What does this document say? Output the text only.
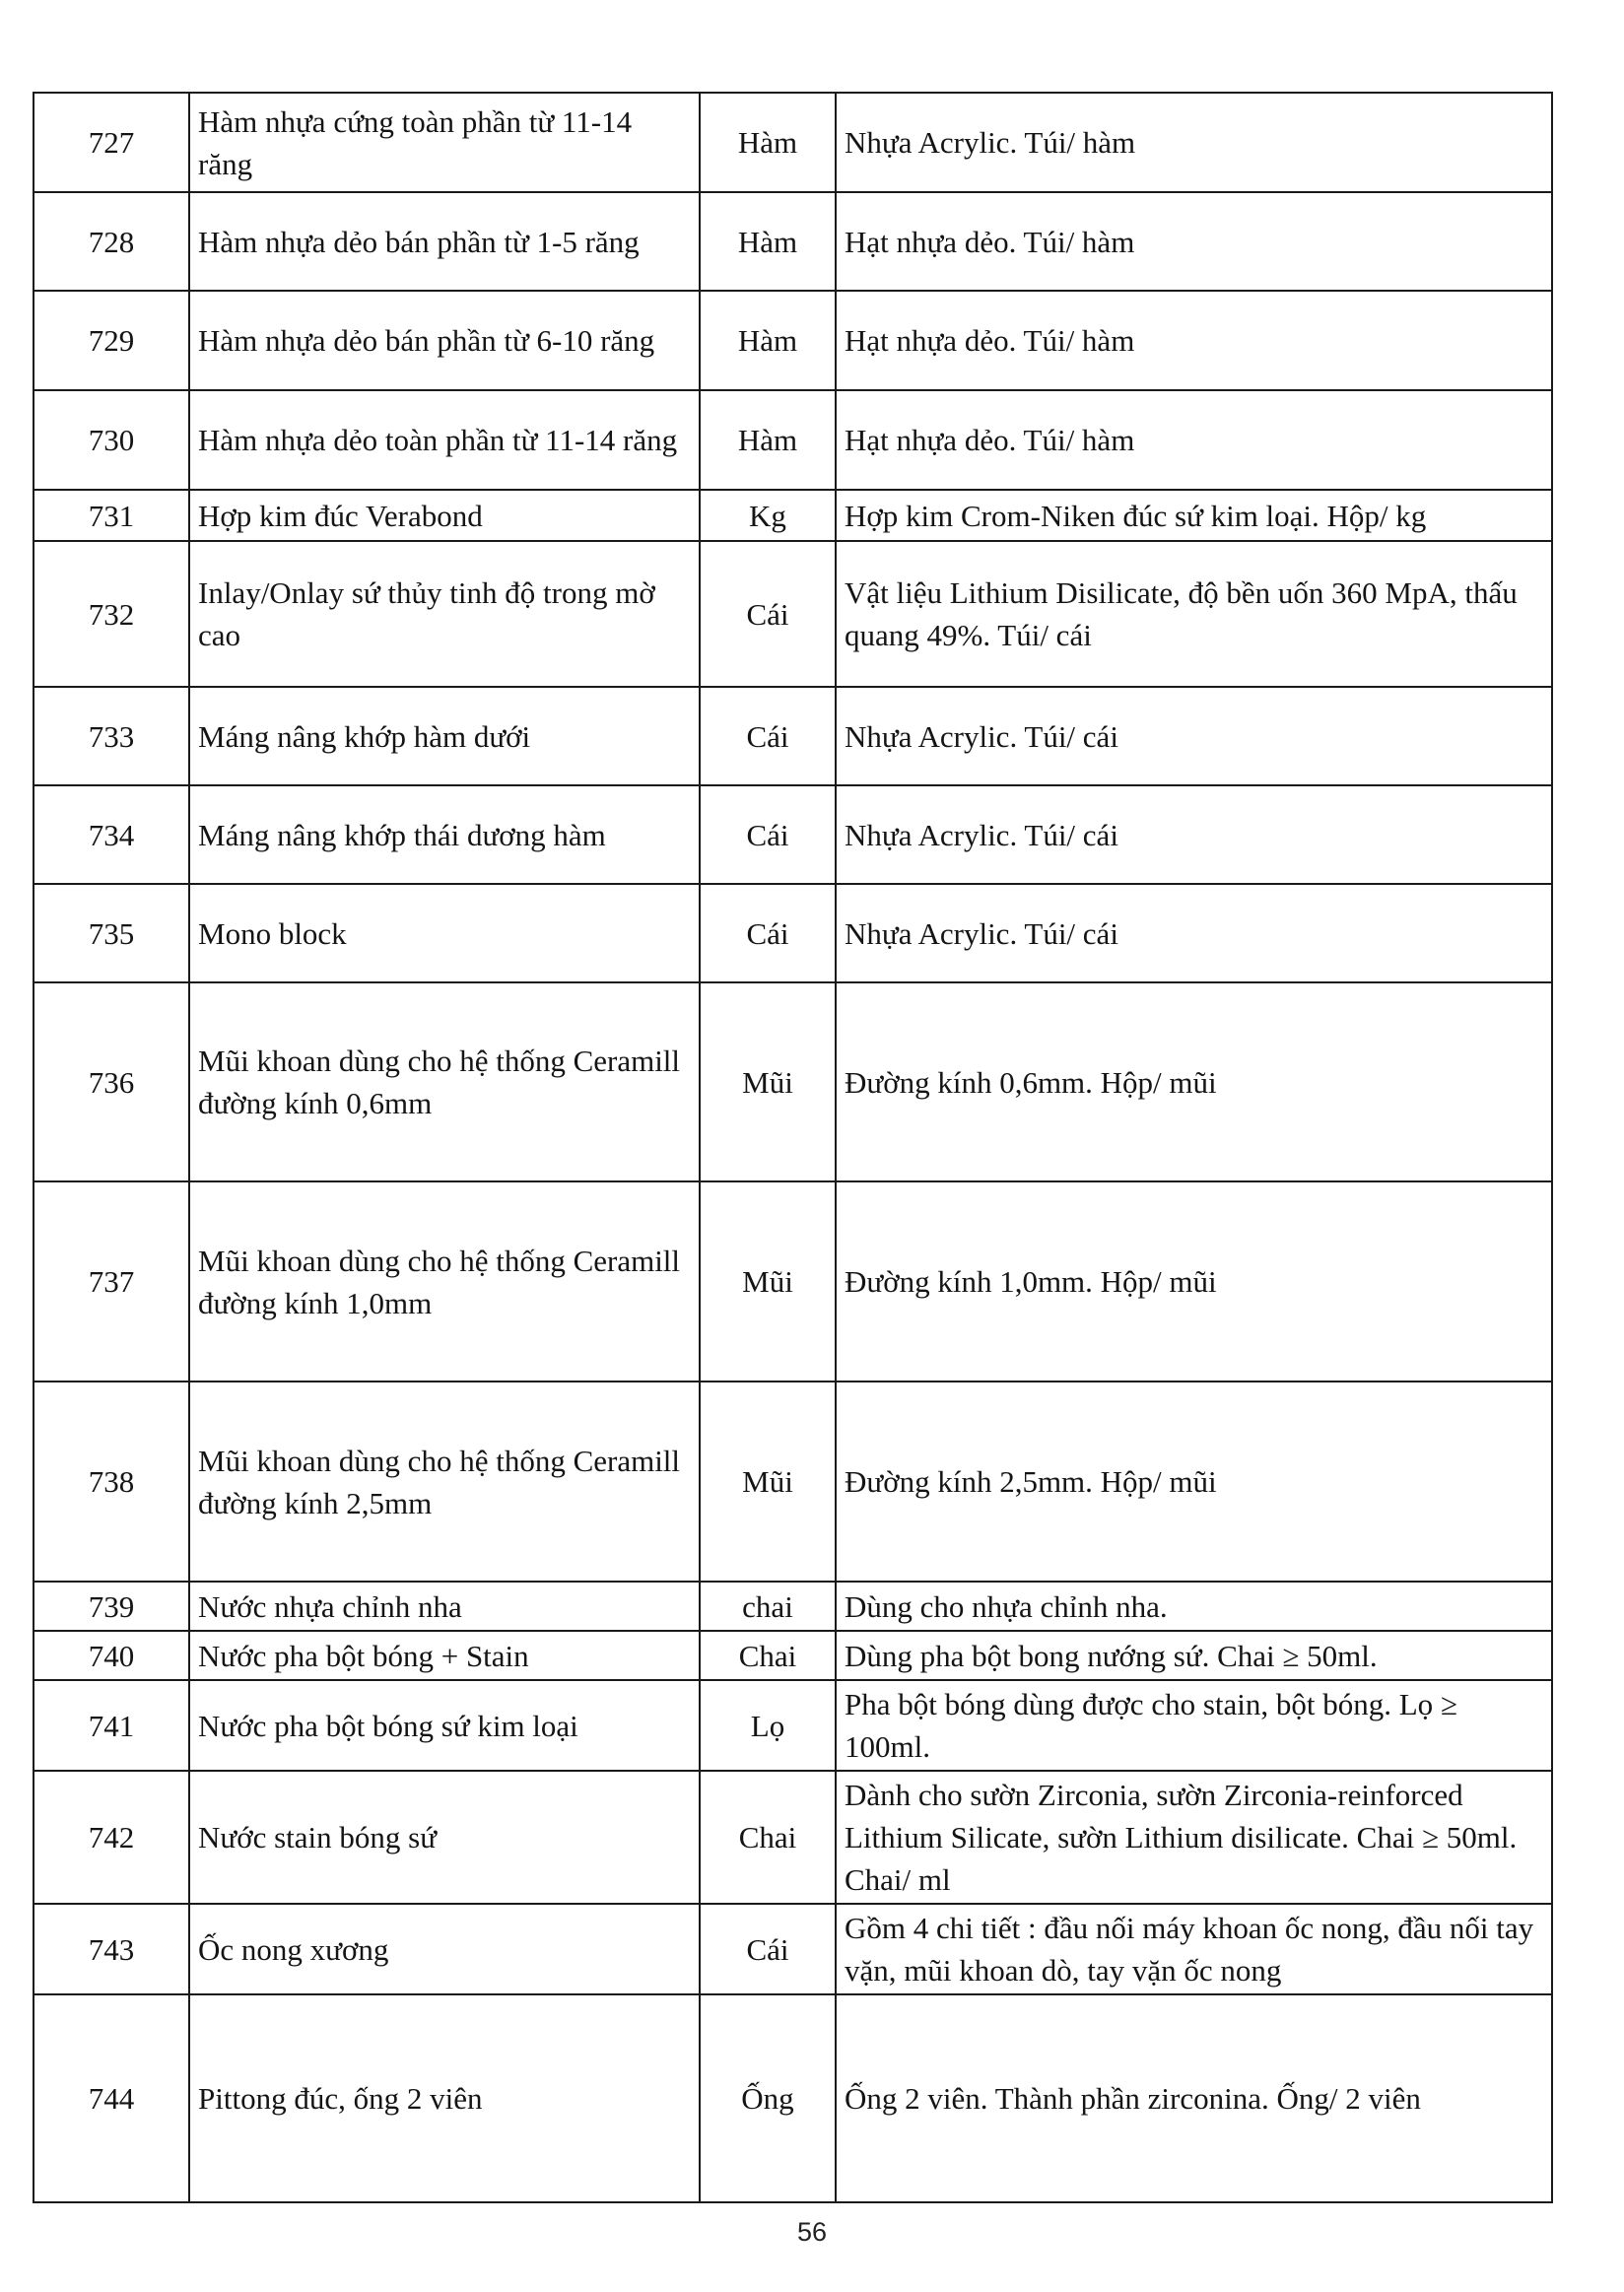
727	Hàm nhựa cứng toàn phần từ 11-14 răng	Hàm	Nhựa Acrylic. Túi/ hàm
728	Hàm nhựa dẻo bán phần từ 1-5 răng	Hàm	Hạt nhựa dẻo. Túi/ hàm
729	Hàm nhựa dẻo bán phần từ 6-10 răng	Hàm	Hạt nhựa dẻo. Túi/ hàm
730	Hàm nhựa dẻo toàn phần từ 11-14 răng	Hàm	Hạt nhựa dẻo. Túi/ hàm
731	Hợp kim đúc Verabond	Kg	Hợp kim Crom-Niken đúc sứ kim loại. Hộp/ kg
732	Inlay/Onlay sứ thủy tinh độ trong mờ cao	Cái	Vật liệu Lithium Disilicate, độ bền uốn 360 MpA, thấu quang 49%. Túi/ cái
733	Máng nâng khớp hàm dưới	Cái	Nhựa Acrylic. Túi/ cái
734	Máng nâng khớp thái dương hàm	Cái	Nhựa Acrylic. Túi/ cái
735	Mono block	Cái	Nhựa Acrylic. Túi/ cái
736	Mũi khoan dùng cho hệ thống Ceramill đường kính 0,6mm	Mũi	Đường kính 0,6mm. Hộp/ mũi
737	Mũi khoan dùng cho hệ thống Ceramill đường kính 1,0mm	Mũi	Đường kính 1,0mm. Hộp/ mũi
738	Mũi khoan dùng cho hệ thống Ceramill đường kính 2,5mm	Mũi	Đường kính 2,5mm. Hộp/ mũi
739	Nước nhựa chỉnh nha	chai	Dùng cho nhựa chỉnh nha.
740	Nước pha bột bóng + Stain	Chai	Dùng pha bột bong nướng sứ. Chai ≥ 50ml.
741	Nước pha bột bóng sứ kim loại	Lọ	Pha bột bóng dùng được cho stain, bột bóng. Lọ ≥ 100ml.
742	Nước stain bóng sứ	Chai	Dành cho sườn Zirconia, sườn Zirconia-reinforced Lithium Silicate, sườn Lithium disilicate. Chai ≥ 50ml. Chai/ ml
743	Ốc nong xương	Cái	Gồm 4 chi tiết : đầu nối máy khoan ốc nong, đầu nối tay vặn, mũi khoan dò, tay vặn ốc nong
744	Pittong đúc, ống 2 viên	Ống	Ống 2 viên. Thành phần zirconina. Ống/ 2 viên
56
